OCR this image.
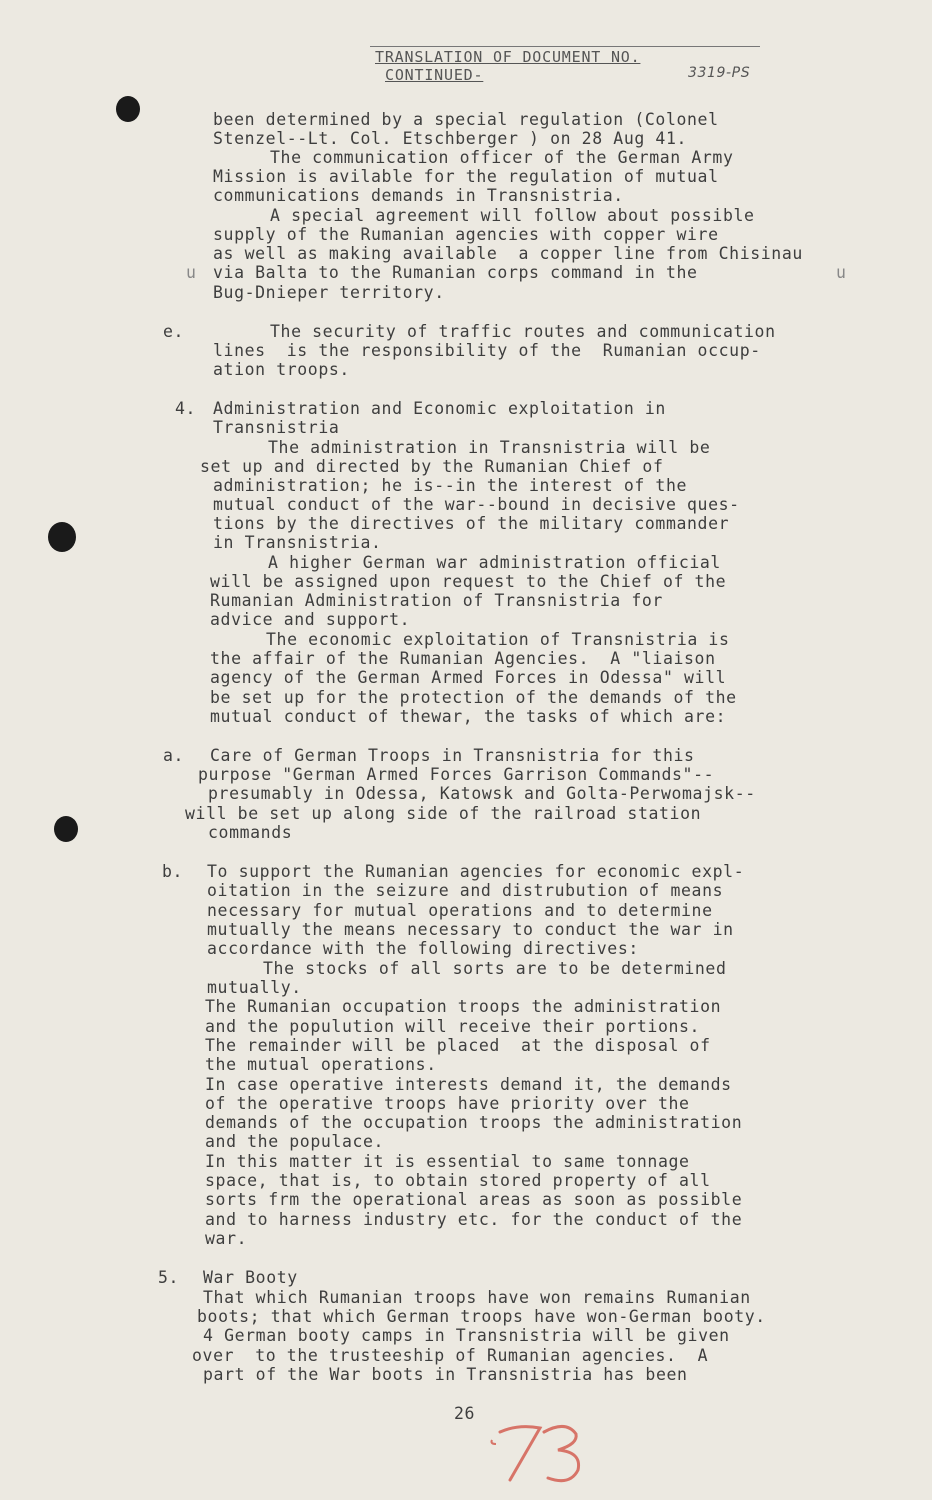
TRANSLATION OF DOCUMENT NO.
CONTINUED-	3319-PS
been determined by a special regulation (Colonel
Stenzel--Lt. Col. Etschberger ) on 28 Aug 41.
The communication officer of the German Army
Mission is avilable for the regulation of mutual
communications demands in Transnistria.
A special agreement will follow about possible
supply of the Rumanian agencies with copper wire
as well as making available  a copper line from Chisinau
via Balta to the Rumanian corps command in the
Bug-Dnieper territory.
e.	The security of traffic routes and communication
lines  is the responsibility of the  Rumanian occup-
ation troops.
4. Administration and Economic exploitation in
Transnistria
The administration in Transnistria will be
set up and directed by the Rumanian Chief of
administration; he is--in the interest of the
mutual conduct of the war--bound in decisive ques-
tions by the directives of the military commander
in Transnistria.
A higher German war administration official
will be assigned upon request to the Chief of the
Rumanian Administration of Transnistria for
advice and support.
The economic exploitation of Transnistria is
the affair of the Rumanian Agencies.  A "liaison
agency of the German Armed Forces in Odessa" will
be set up for the protection of the demands of the
mutual conduct of thewar, the tasks of which are:
a. Care of German Troops in Transnistria for this
purpose "German Armed Forces Garrison Commands"--
presumably in Odessa, Katowsk and Golta-Perwomajsk--
will be set up along side of the railroad station
commands
b. To support the Rumanian agencies for economic expl-
oitation in the seizure and distrubution of means
necessary for mutual operations and to determine
mutually the means necessary to conduct the war in
accordance with the following directives:
The stocks of all sorts are to be determined
mutually.
The Rumanian occupation troops the administration
and the populution will receive their portions.
The remainder will be placed  at the disposal of
the mutual operations.
In case operative interests demand it, the demands
of the operative troops have priority over the
demands of the occupation troops the administration
and the populace.
In this matter it is essential to same tonnage
space, that is, to obtain stored property of all
sorts frm the operational areas as soon as possible
and to harness industry etc. for the conduct of the
war.
5. War Booty
That which Rumanian troops have won remains Rumanian
boots; that which German troops have won-German booty.
4 German booty camps in Transnistria will be given
over  to the trusteeship of Rumanian agencies.  A
part of the War boots in Transnistria has been
u	u
26
